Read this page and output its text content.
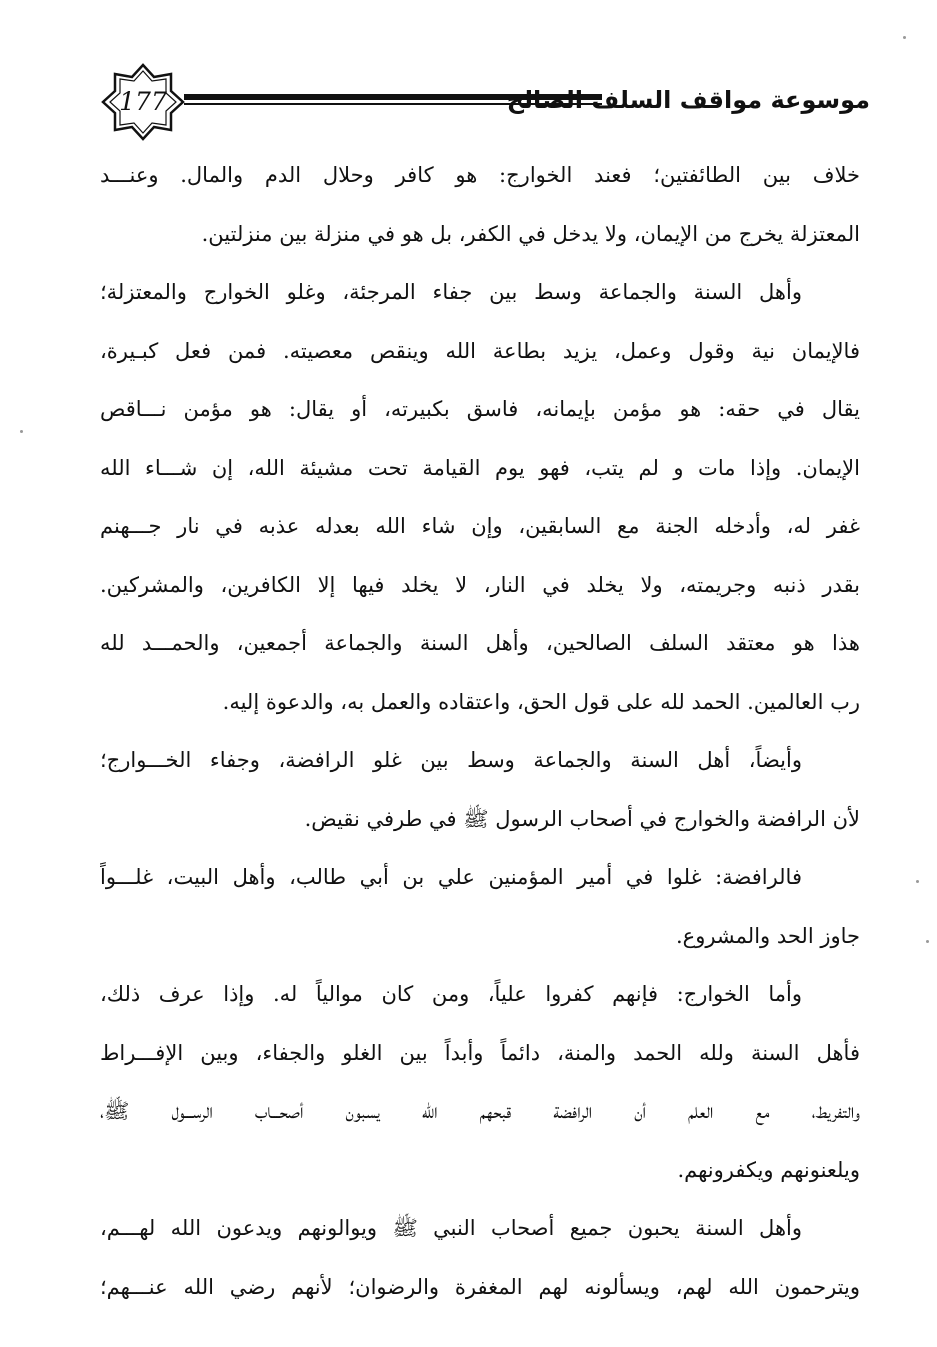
177	موسوعة مواقف السلف الصالح
خلاف بين الطائفتين؛ فعند الخوارج: هو كافر وحلال الدم والمال. وعنـــد
المعتزلة يخرج من الإيمان، ولا يدخل في الكفر، بل هو في منزلة بين منزلتين.
وأهل السنة والجماعة وسط بين جفاء المرجئة، وغلو الخوارج والمعتزلة؛
فالإيمان نية وقول وعمل، يزيد بطاعة الله وينقص معصيته. فمن فعل كبـيرة،
يقال في حقه: هو مؤمن بإيمانه، فاسق بكبيرته، أو يقال: هو مؤمن نـــاقص
الإيمان. وإذا مات و لم يتب، فهو يوم القيامة تحت مشيئة الله، إن شـــاء الله
غفر له، وأدخله الجنة مع السابقين، وإن شاء الله بعدله عذبه في نار جـــهنم
بقدر ذنبه وجريمته، ولا يخلد في النار، لا يخلد فيها إلا الكافرين، والمشركين.
هذا هو معتقد السلف الصالحين، وأهل السنة والجماعة أجمعين، والحمـــد لله
رب العالمين. الحمد لله على قول الحق، واعتقاده والعمل به، والدعوة إليه.
وأيضاً، أهل السنة والجماعة وسط بين غلو الرافضة، وجفاء الخـــوارج؛
لأن الرافضة والخوارج في أصحاب الرسول ﷺ في طرفي نقيض.
فالرافضة: غلوا في أمير المؤمنين علي بن أبي طالب، وأهل البيت، غلـــواً
جاوز الحد والمشروع.
وأما الخوارج: فإنهم كفروا علياً، ومن كان موالياً له. وإذا عرف ذلك،
فأهل السنة ولله الحمد والمنة، دائماً وأبداً بين الغلو والجفاء، وبين الإفـــراط
والتفريط، مع العلم أن الرافضة قبحهم الله يسبون أصحـــاب الرســـول ﷺ،
ويلعنونهم ويكفرونهم.
وأهل السنة يحبون جميع أصحاب النبي ﷺ ويوالونهم ويدعون الله لهـــم،
ويترحمون الله لهم، ويسألونه لهم المغفرة والرضوان؛ لأنهم رضي الله عنـــهم؛
